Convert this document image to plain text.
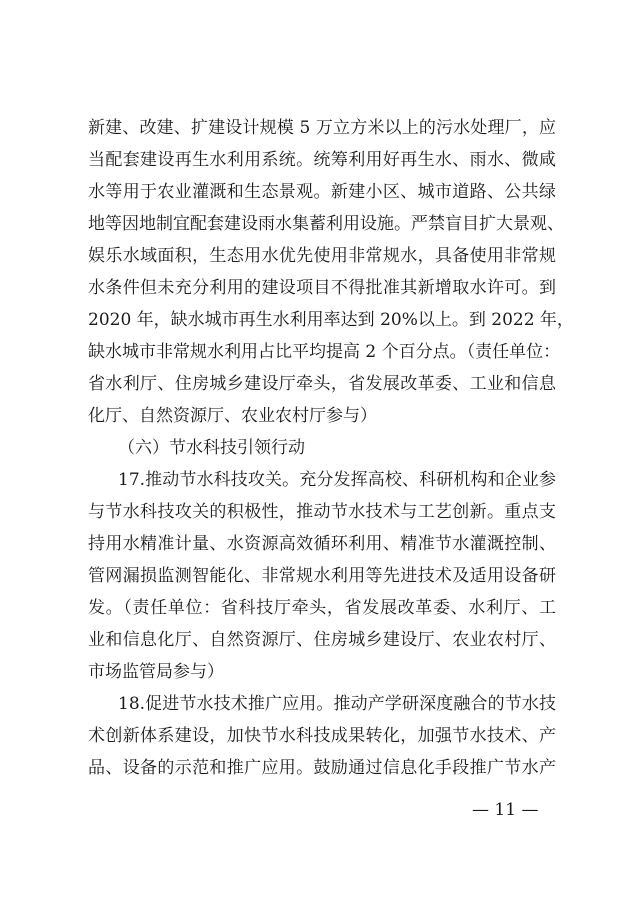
新建、改建、扩建设计规模 5 万立方米以上的污水处理厂，应
当配套建设再生水利用系统。统筹利用好再生水、雨水、微咸
水等用于农业灌溉和生态景观。新建小区、城市道路、公共绿
地等因地制宜配套建设雨水集蓄利用设施。严禁盲目扩大景观、
娱乐水域面积，生态用水优先使用非常规水，具备使用非常规
水条件但未充分利用的建设项目不得批准其新增取水许可。到
2020 年，缺水城市再生水利用率达到 20%以上。到 2022 年，
缺水城市非常规水利用占比平均提高 2 个百分点。（责任单位：
省水利厅、住房城乡建设厅牵头，省发展改革委、工业和信息
化厅、自然资源厅、农业农村厅参与）
（六）节水科技引领行动
17.推动节水科技攻关。充分发挥高校、科研机构和企业参
与节水科技攻关的积极性，推动节水技术与工艺创新。重点支
持用水精准计量、水资源高效循环利用、精准节水灌溉控制、
管网漏损监测智能化、非常规水利用等先进技术及适用设备研
发。（责任单位：省科技厅牵头，省发展改革委、水利厅、工
业和信息化厅、自然资源厅、住房城乡建设厅、农业农村厅、
市场监管局参与）
18.促进节水技术推广应用。推动产学研深度融合的节水技
术创新体系建设，加快节水科技成果转化，加强节水技术、产
品、设备的示范和推广应用。鼓励通过信息化手段推广节水产
— 11 —
